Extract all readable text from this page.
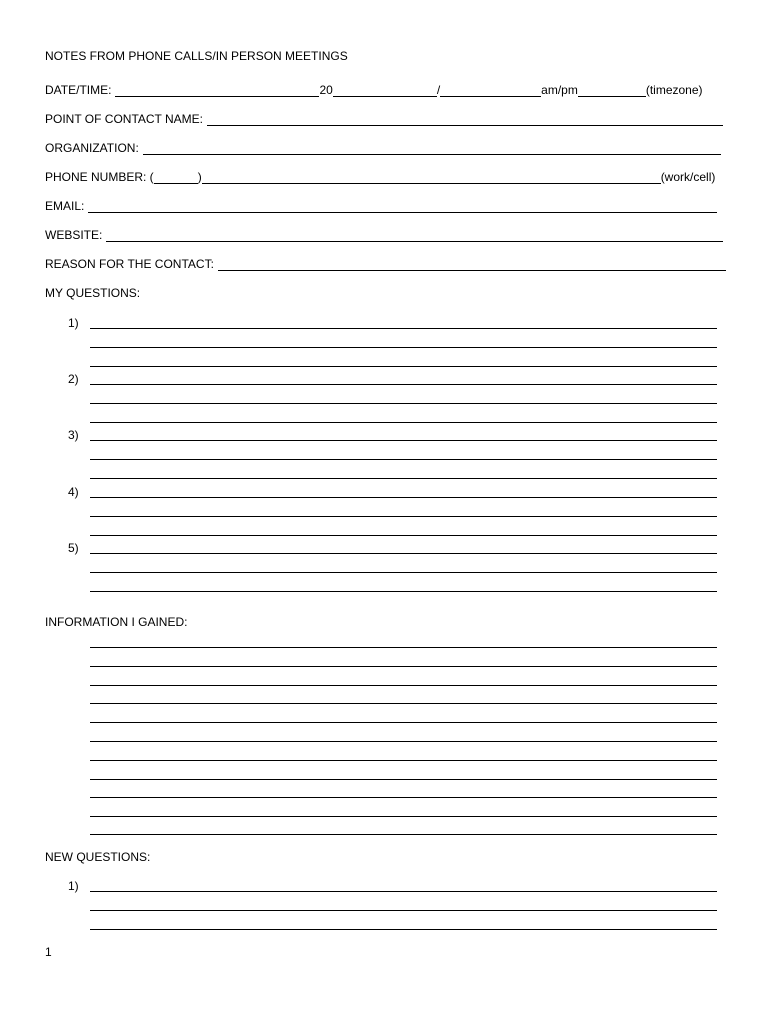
NOTES FROM PHONE CALLS/IN PERSON MEETINGS
DATE/TIME:	20	/	am/pm	(timezone)
POINT OF CONTACT NAME:
ORGANIZATION:
PHONE NUMBER: (	)	(work/cell)
EMAIL:
WEBSITE:
REASON FOR THE CONTACT:
MY QUESTIONS:
1)
2)
3)
4)
5)
INFORMATION I GAINED:
NEW QUESTIONS:
1)
1
